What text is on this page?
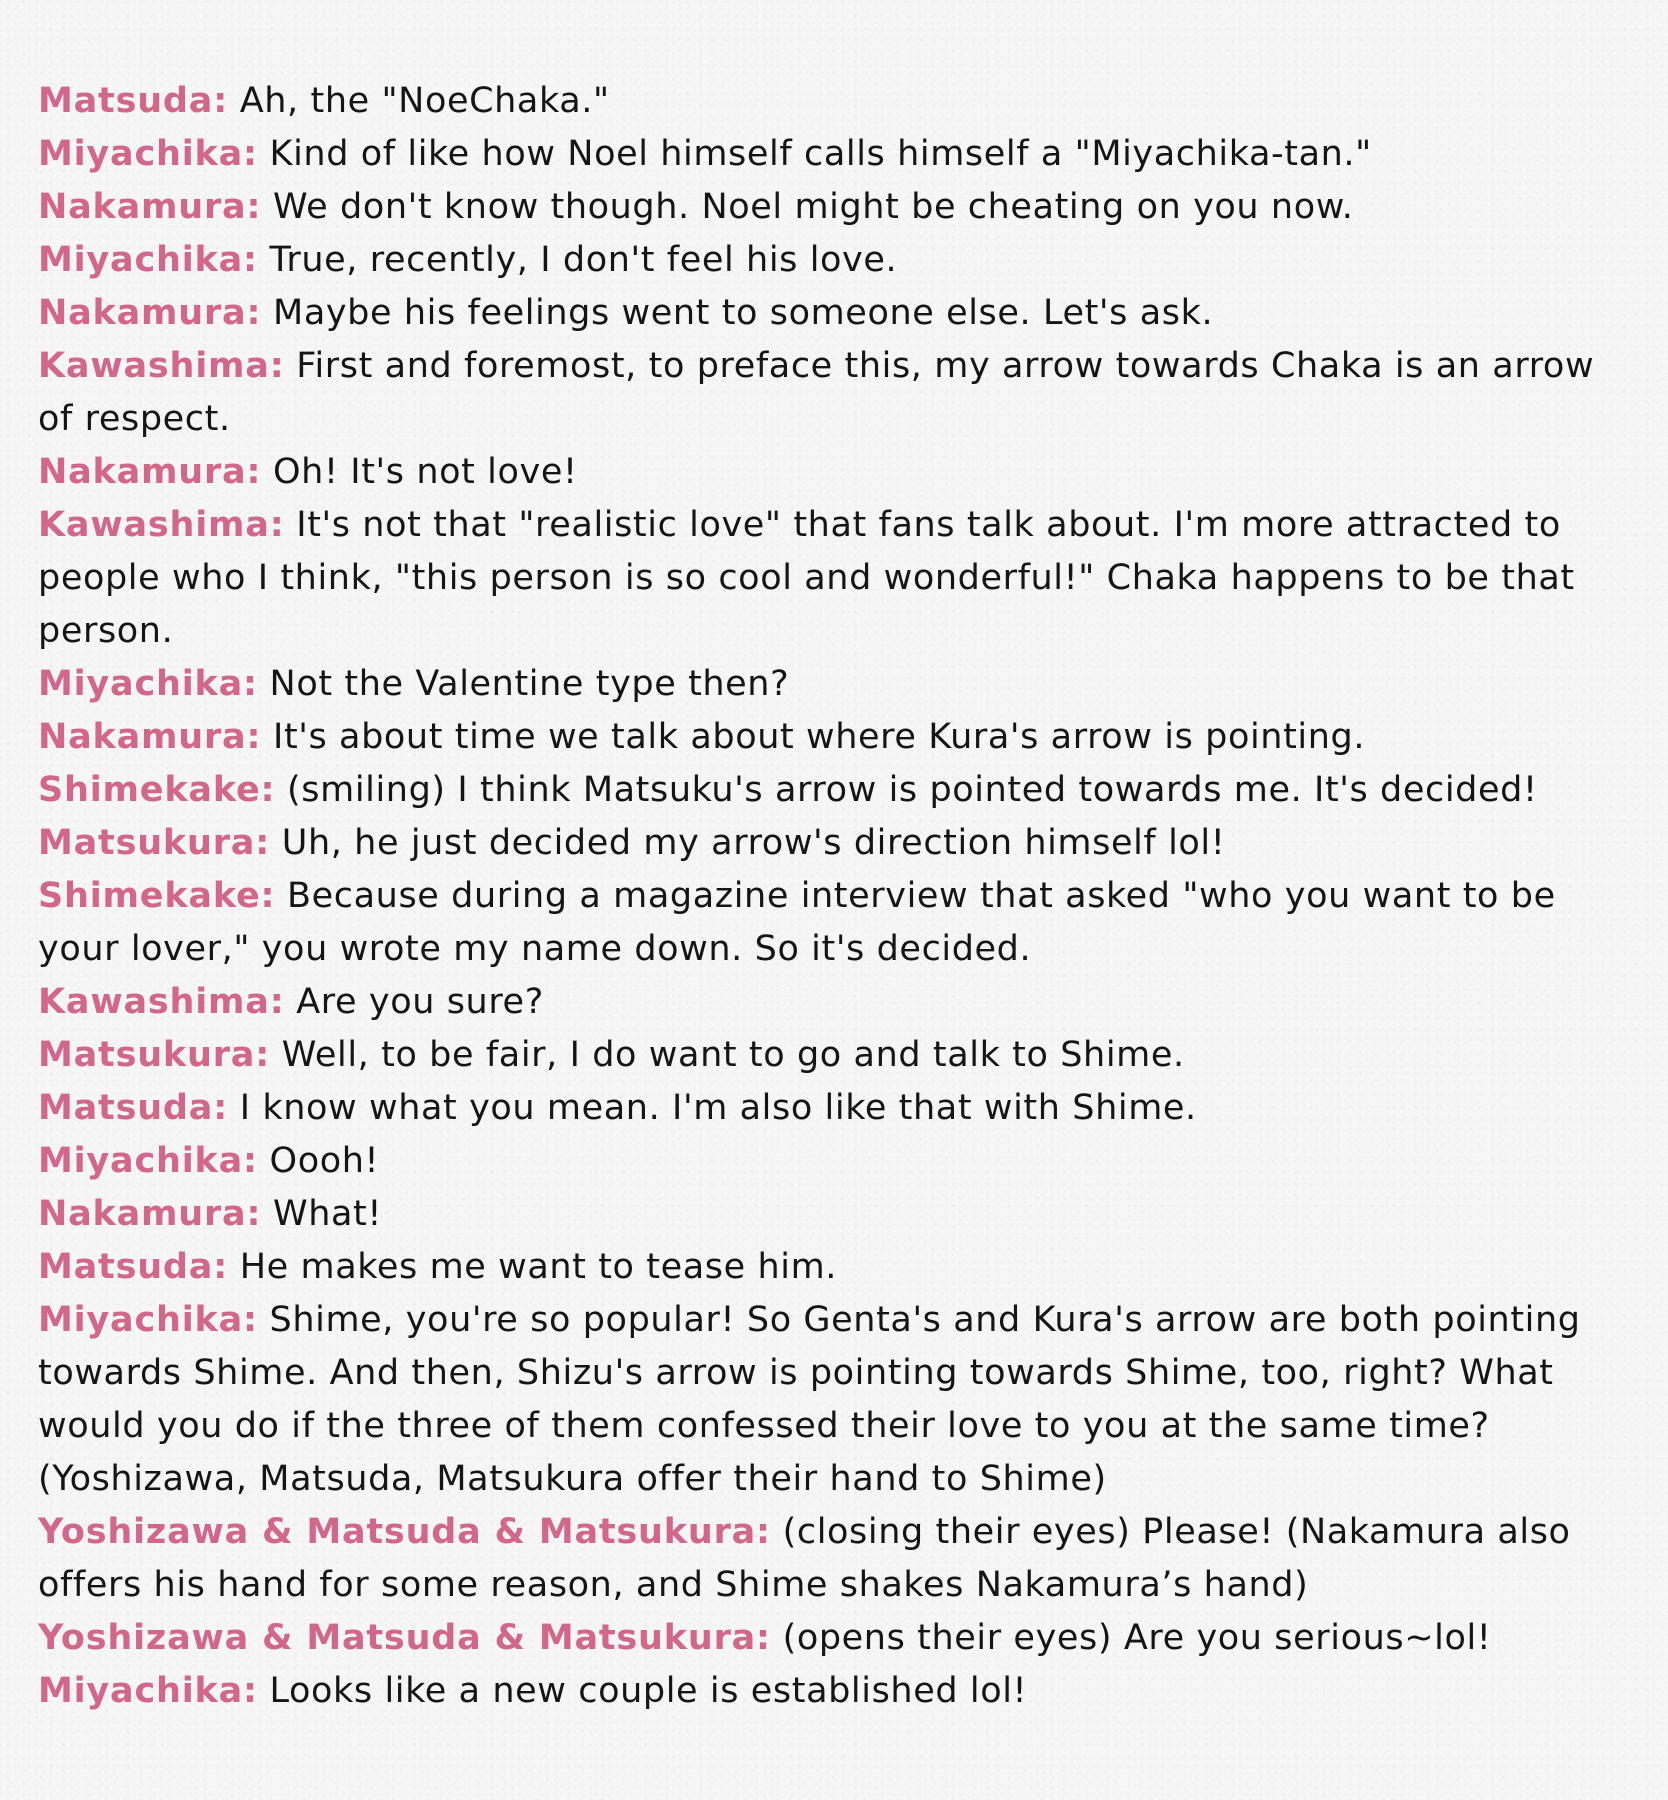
Matsuda: Ah, the "NoeChaka."
Miyachika: Kind of like how Noel himself calls himself a "Miyachika-tan."
Nakamura: We don't know though. Noel might be cheating on you now.
Miyachika: True, recently, I don't feel his love.
Nakamura: Maybe his feelings went to someone else. Let's ask.
Kawashima: First and foremost, to preface this, my arrow towards Chaka is an arrow of respect.
Nakamura: Oh! It's not love!
Kawashima: It's not that "realistic love" that fans talk about. I'm more attracted to people who I think, "this person is so cool and wonderful!" Chaka happens to be that person.
Miyachika: Not the Valentine type then?
Nakamura: It's about time we talk about where Kura's arrow is pointing.
Shimekake: (smiling) I think Matsuku's arrow is pointed towards me. It's decided!
Matsukura: Uh, he just decided my arrow's direction himself lol!
Shimekake: Because during a magazine interview that asked "who you want to be your lover," you wrote my name down. So it's decided.
Kawashima: Are you sure?
Matsukura: Well, to be fair, I do want to go and talk to Shime.
Matsuda: I know what you mean. I'm also like that with Shime.
Miyachika: Oooh!
Nakamura: What!
Matsuda: He makes me want to tease him.
Miyachika: Shime, you're so popular! So Genta's and Kura's arrow are both pointing towards Shime. And then, Shizu's arrow is pointing towards Shime, too, right? What would you do if the three of them confessed their love to you at the same time? (Yoshizawa, Matsuda, Matsukura offer their hand to Shime)
Yoshizawa & Matsuda & Matsukura: (closing their eyes) Please! (Nakamura also offers his hand for some reason, and Shime shakes Nakamura’s hand)
Yoshizawa & Matsuda & Matsukura: (opens their eyes) Are you serious~lol!
Miyachika: Looks like a new couple is established lol!
